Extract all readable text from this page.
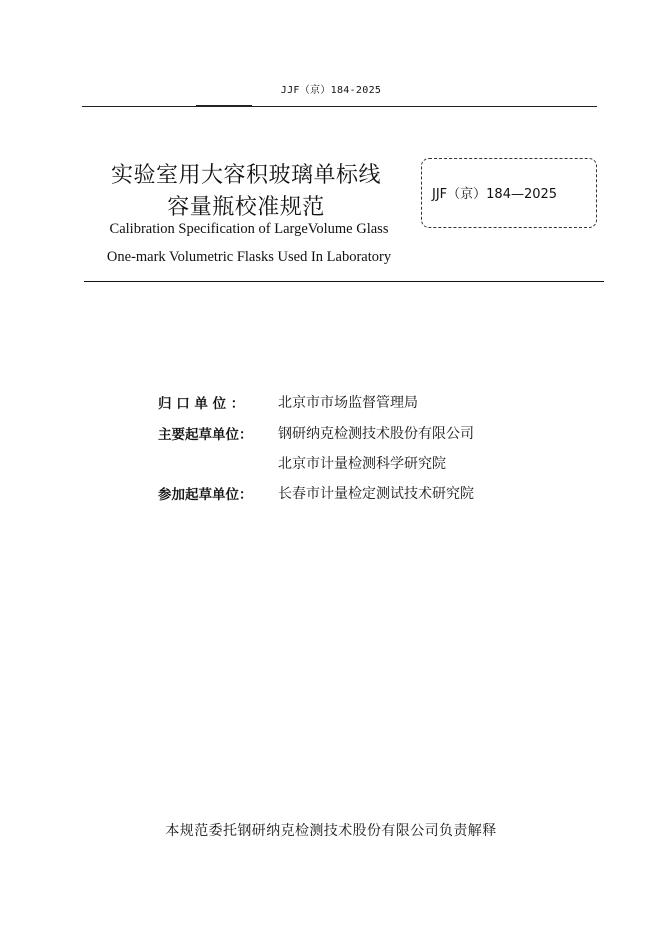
JJF（京）184-2025
实验室用大容积玻璃单标线
容量瓶校准规范
Calibration Specification of LargeVolume Glass
One-mark Volumetric Flasks Used In Laboratory
JJF（京）184—2025
归 口 单 位 ： 北京市市场监督管理局
主要起草单位： 钢研纳克检测技术股份有限公司
北京市计量检测科学研究院
参加起草单位： 长春市计量检定测试技术研究院
本规范委托钢研纳克检测技术股份有限公司负责解释
